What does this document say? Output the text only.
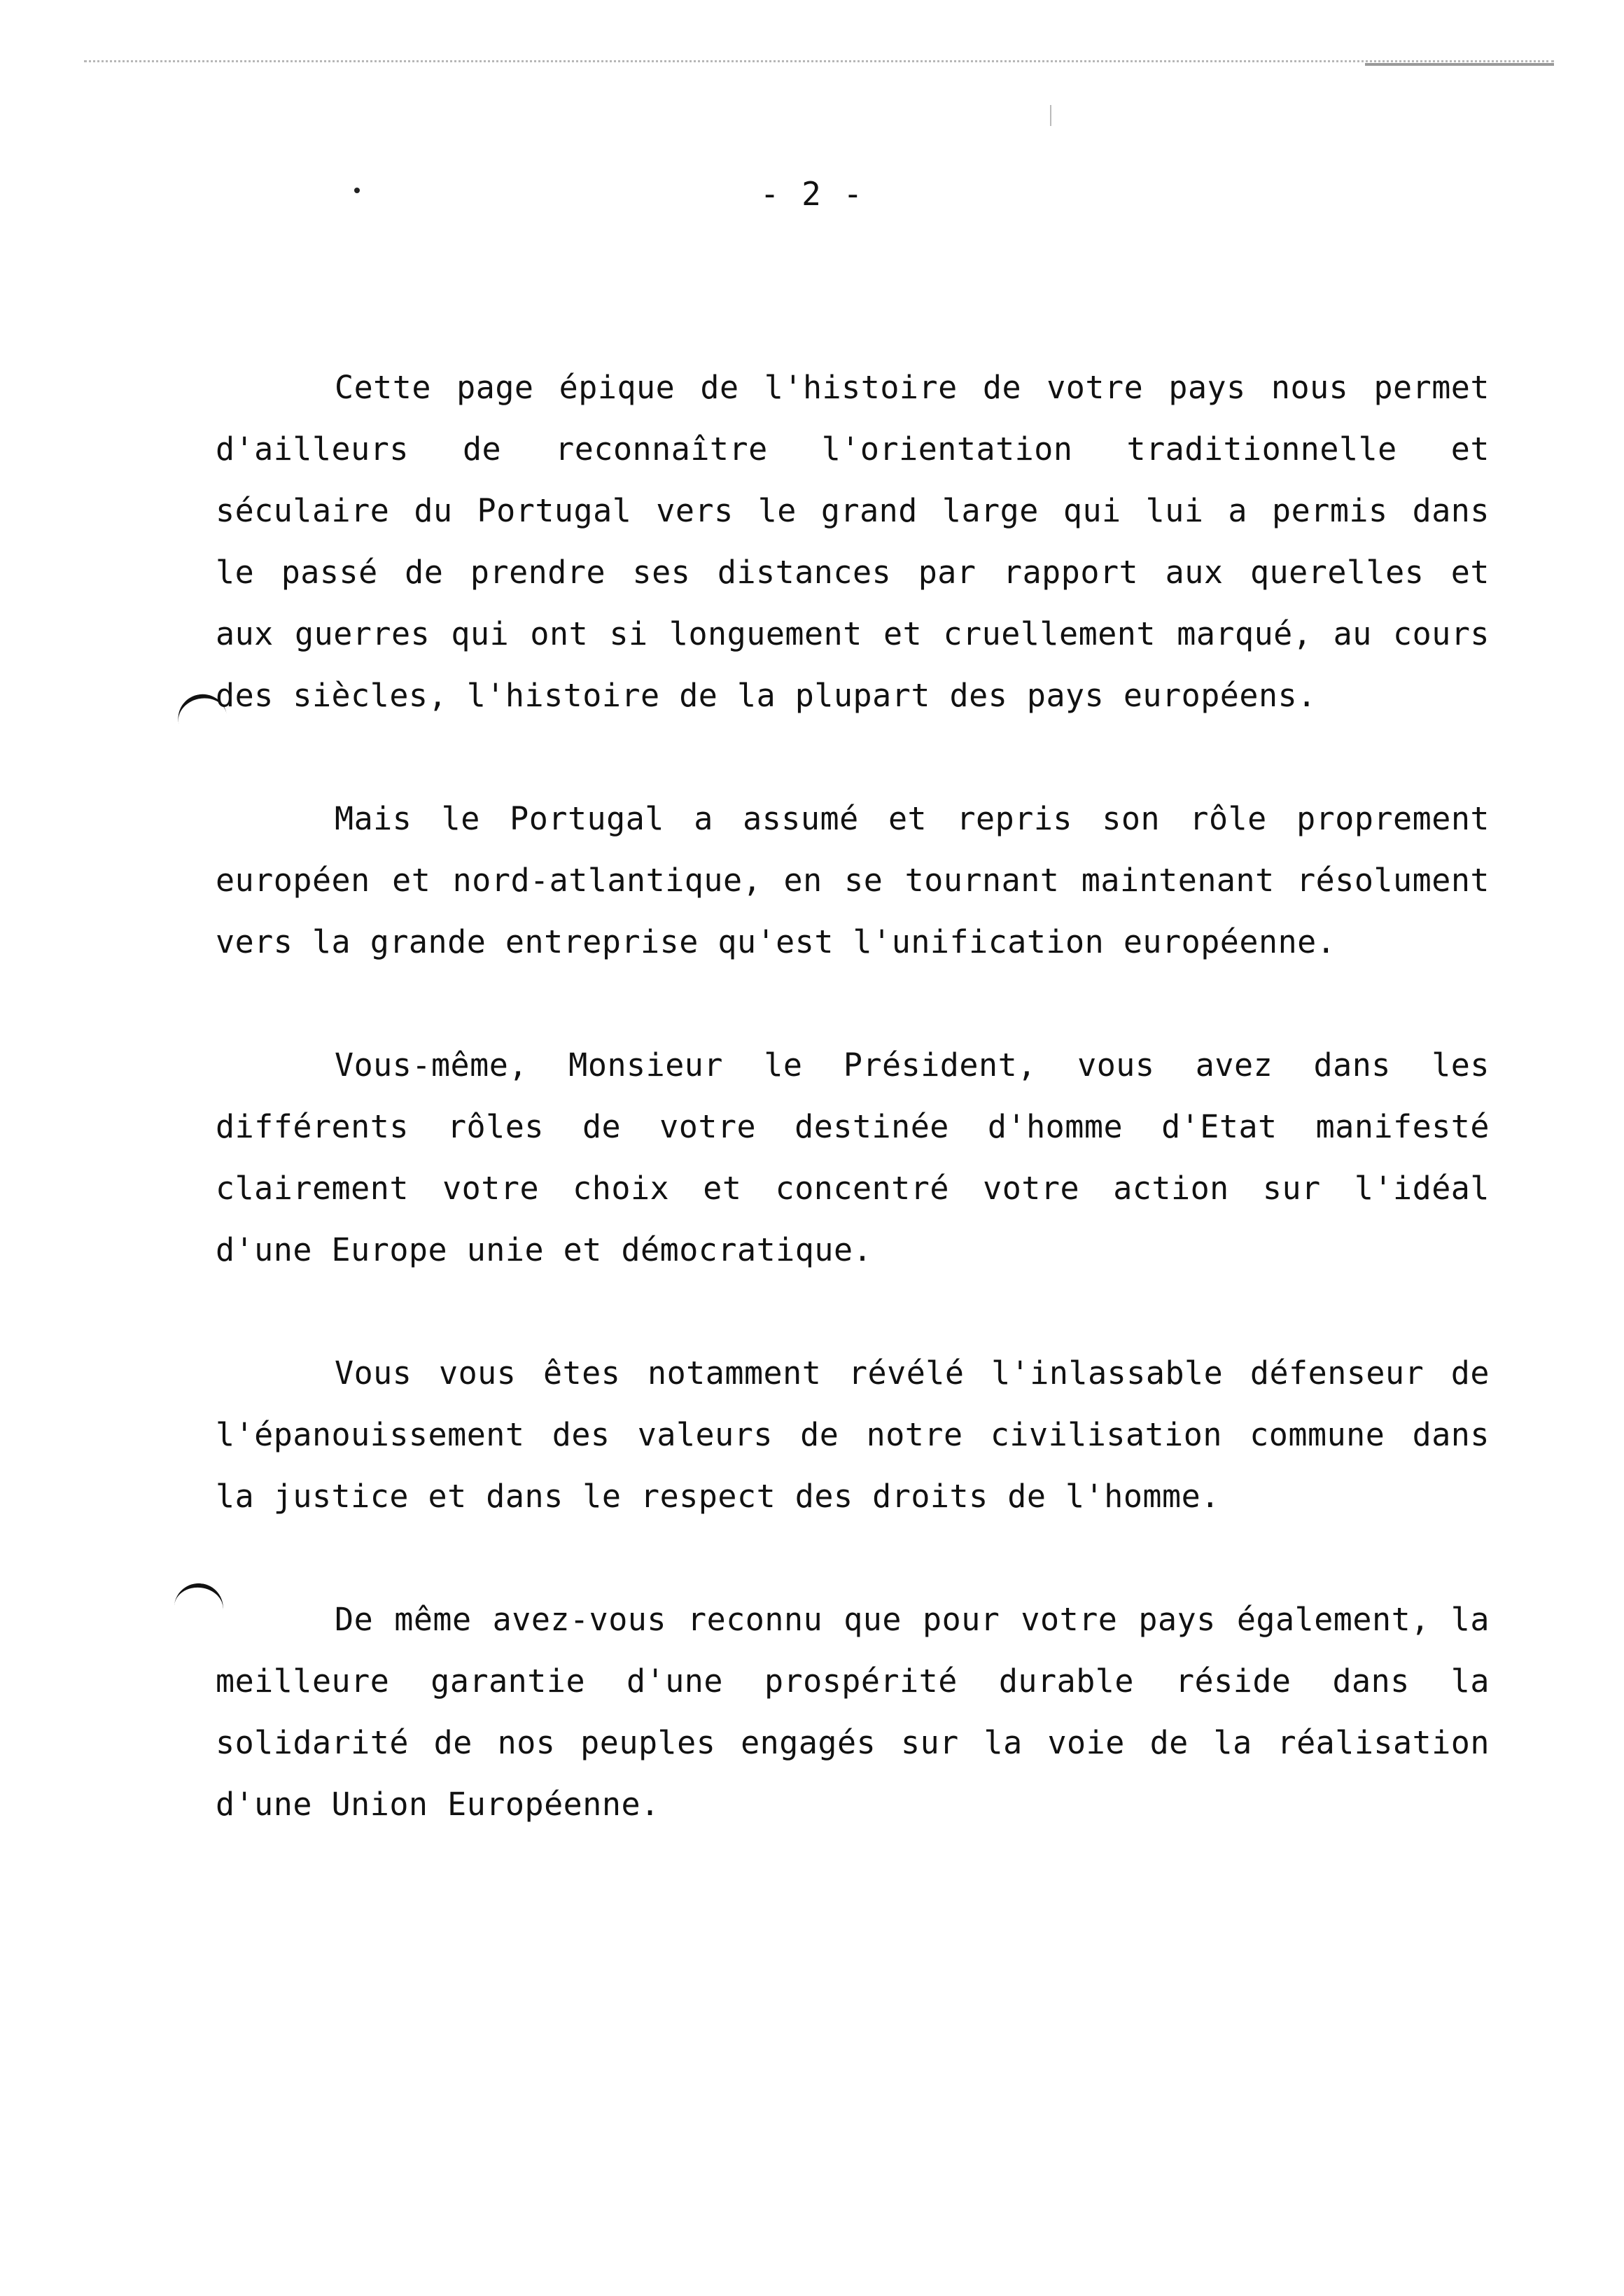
- 2 -

Cette page épique de l'histoire de votre pays nous permet d'ailleurs de reconnaître l'orientation traditionnelle et séculaire du Portugal vers le grand large qui lui a permis dans le passé de prendre ses distances par rapport aux querelles et aux guerres qui ont si longuement et cruellement marqué, au cours des siècles, l'histoire de la plupart des pays européens.

Mais le Portugal a assumé et repris son rôle proprement européen et nord-atlantique, en se tournant maintenant résolument vers la grande entreprise qu'est l'unification européenne.

Vous-même, Monsieur le Président, vous avez dans les différents rôles de votre destinée d'homme d'Etat manifesté clairement votre choix et concentré votre action sur l'idéal d'une Europe unie et démocratique.

Vous vous êtes notamment révélé l'inlassable défenseur de l'épanouissement des valeurs de notre civilisation commune dans la justice et dans le respect des droits de l'homme.

De même avez-vous reconnu que pour votre pays également, la meilleure garantie d'une prospérité durable réside dans la solidarité de nos peuples engagés sur la voie de la réalisation d'une Union Européenne.
